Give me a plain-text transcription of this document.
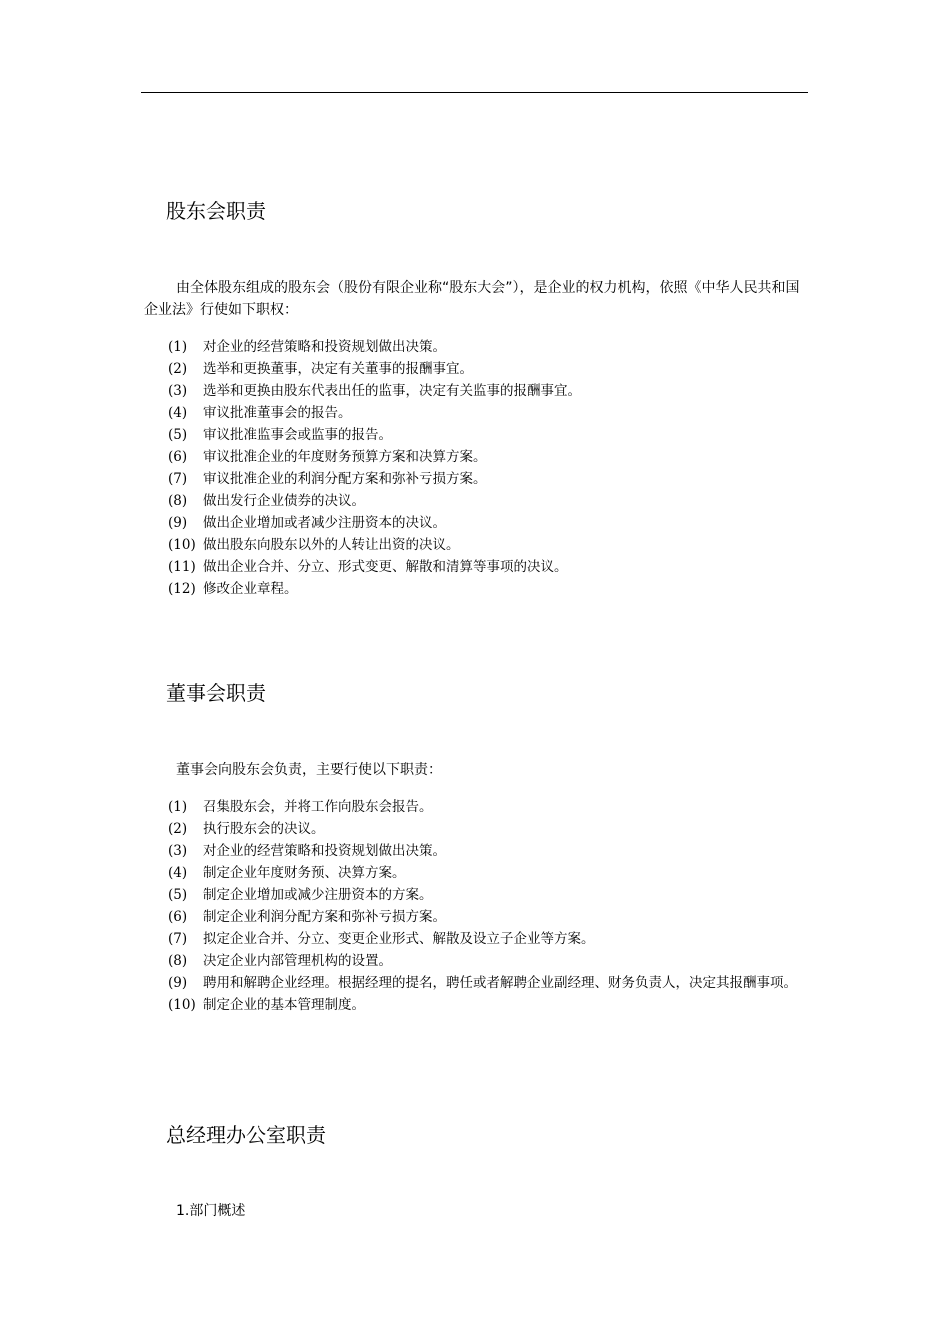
股东会职责
由全体股东组成的股东会（股份有限企业称“股东大会”），是企业的权力机构，依照《中华人民共和国企业法》行使如下职权：
(1) 对企业的经营策略和投资规划做出决策。
(2) 选举和更换董事，决定有关董事的报酬事宜。
(3) 选举和更换由股东代表出任的监事，决定有关监事的报酬事宜。
(4) 审议批准董事会的报告。
(5) 审议批准监事会或监事的报告。
(6) 审议批准企业的年度财务预算方案和决算方案。
(7) 审议批准企业的利润分配方案和弥补亏损方案。
(8) 做出发行企业债券的决议。
(9) 做出企业增加或者减少注册资本的决议。
(10) 做出股东向股东以外的人转让出资的决议。
(11) 做出企业合并、分立、形式变更、解散和清算等事项的决议。
(12) 修改企业章程。
董事会职责
董事会向股东会负责，主要行使以下职责：
(1) 召集股东会，并将工作向股东会报告。
(2) 执行股东会的决议。
(3) 对企业的经营策略和投资规划做出决策。
(4) 制定企业年度财务预、决算方案。
(5) 制定企业增加或减少注册资本的方案。
(6) 制定企业利润分配方案和弥补亏损方案。
(7) 拟定企业合并、分立、变更企业形式、解散及设立子企业等方案。
(8) 决定企业内部管理机构的设置。
(9) 聘用和解聘企业经理。根据经理的提名，聘任或者解聘企业副经理、财务负责人，决定其报酬事项。
(10) 制定企业的基本管理制度。
总经理办公室职责
1.部门概述
